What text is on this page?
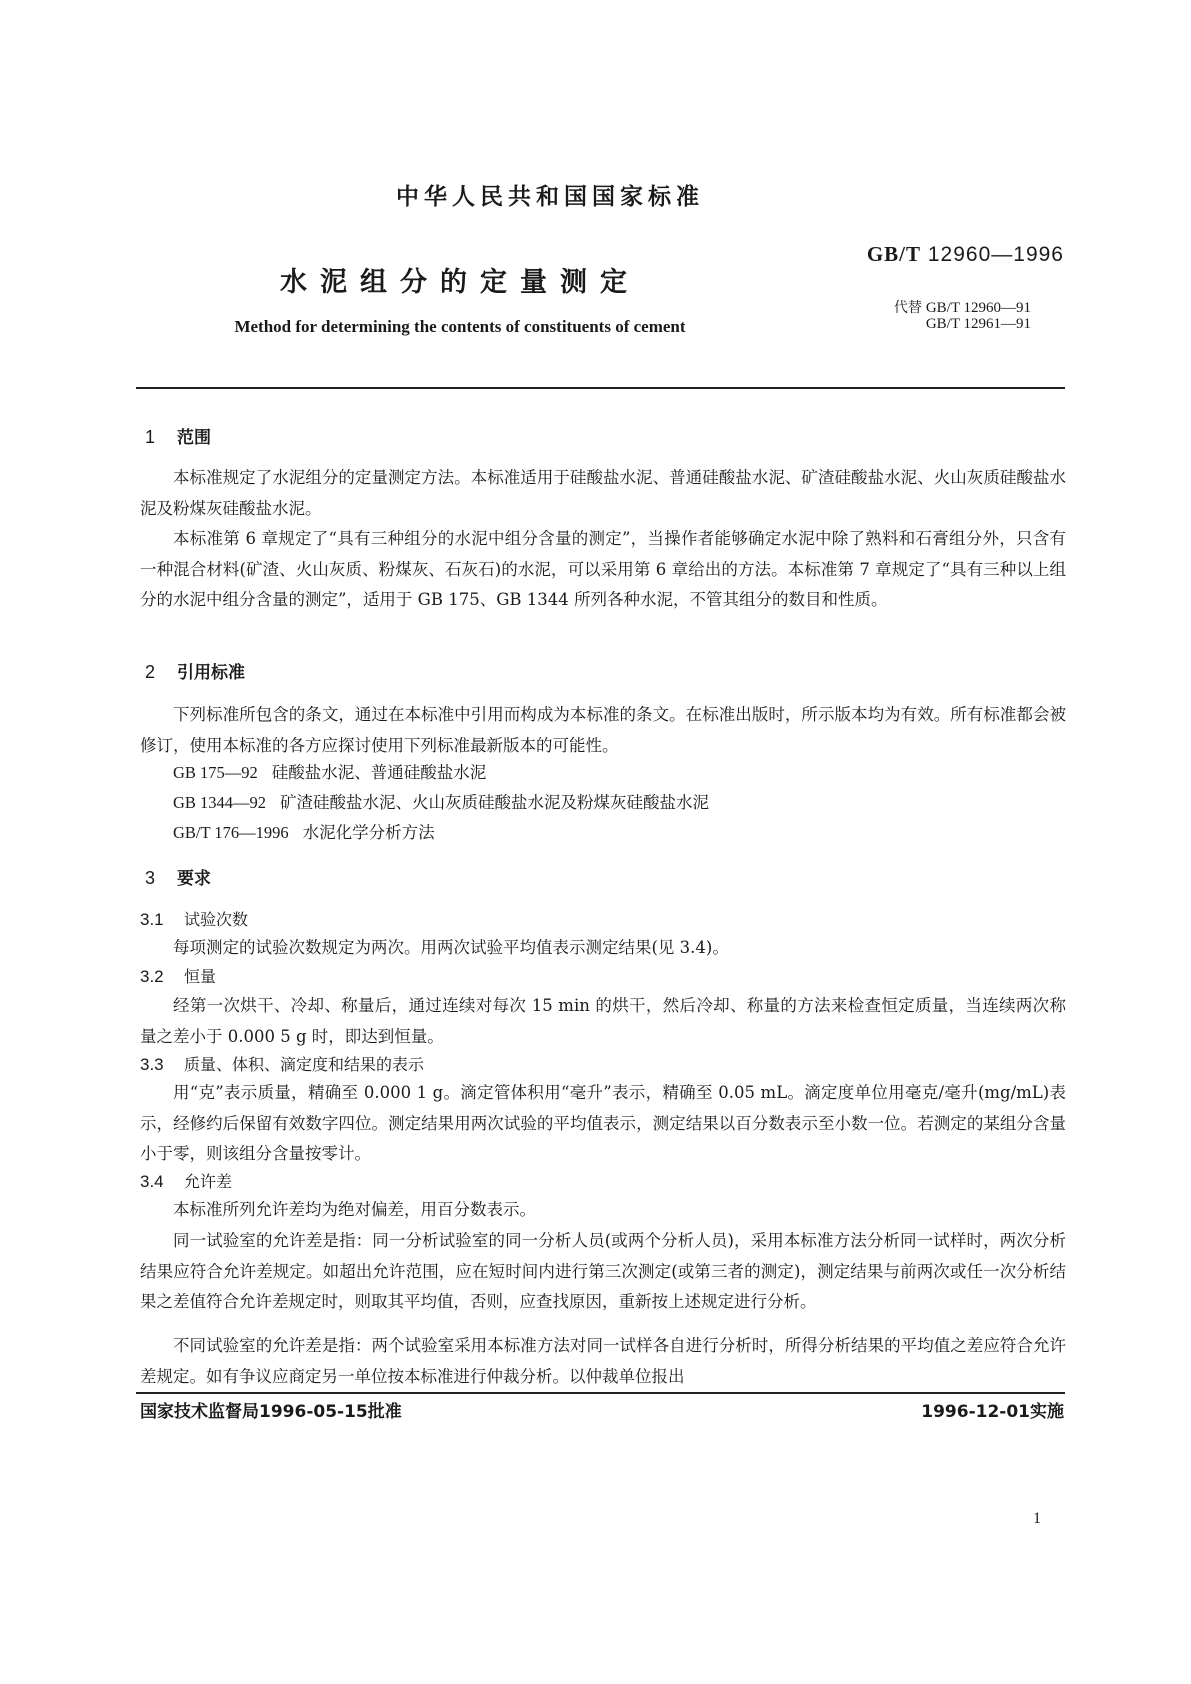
中华人民共和国国家标准
水泥组分的定量测定
Method for determining the contents of constituents of cement
GB/T 12960—1996
代替 GB/T 12960—91
GB/T 12961—91
1 范围
本标准规定了水泥组分的定量测定方法。本标准适用于硅酸盐水泥、普通硅酸盐水泥、矿渣硅酸盐水泥、火山灰质硅酸盐水泥及粉煤灰硅酸盐水泥。
本标准第 6 章规定了“具有三种组分的水泥中组分含量的测定”，当操作者能够确定水泥中除了熟料和石膏组分外，只含有一种混合材料(矿渣、火山灰质、粉煤灰、石灰石)的水泥，可以采用第 6 章给出的方法。本标准第 7 章规定了“具有三种以上组分的水泥中组分含量的测定”，适用于 GB 175、GB 1344 所列各种水泥，不管其组分的数目和性质。
2 引用标准
下列标准所包含的条文，通过在本标准中引用而构成为本标准的条文。在标准出版时，所示版本均为有效。所有标准都会被修订，使用本标准的各方应探讨使用下列标准最新版本的可能性。
GB 175—92 硅酸盐水泥、普通硅酸盐水泥
GB 1344—92 矿渣硅酸盐水泥、火山灰质硅酸盐水泥及粉煤灰硅酸盐水泥
GB/T 176—1996 水泥化学分析方法
3 要求
3.1 试验次数
每项测定的试验次数规定为两次。用两次试验平均值表示测定结果(见 3.4)。
3.2 恒量
经第一次烘干、冷却、称量后，通过连续对每次 15 min 的烘干，然后冷却、称量的方法来检查恒定质量，当连续两次称量之差小于 0.000 5 g 时，即达到恒量。
3.3 质量、体积、滴定度和结果的表示
用“克”表示质量，精确至 0.000 1 g。滴定管体积用“毫升”表示，精确至 0.05 mL。滴定度单位用毫克/毫升(mg/mL)表示，经修约后保留有效数字四位。测定结果用两次试验的平均值表示，测定结果以百分数表示至小数一位。若测定的某组分含量小于零，则该组分含量按零计。
3.4 允许差
本标准所列允许差均为绝对偏差，用百分数表示。
同一试验室的允许差是指：同一分析试验室的同一分析人员(或两个分析人员)，采用本标准方法分析同一试样时，两次分析结果应符合允许差规定。如超出允许范围，应在短时间内进行第三次测定(或第三者的测定)，测定结果与前两次或任一次分析结果之差值符合允许差规定时，则取其平均值，否则，应查找原因，重新按上述规定进行分析。
不同试验室的允许差是指：两个试验室采用本标准方法对同一试样各自进行分析时，所得分析结果的平均值之差应符合允许差规定。如有争议应商定另一单位按本标准进行仲裁分析。以仲裁单位报出
国家技术监督局1996-05-15批准	1996-12-01实施
1
